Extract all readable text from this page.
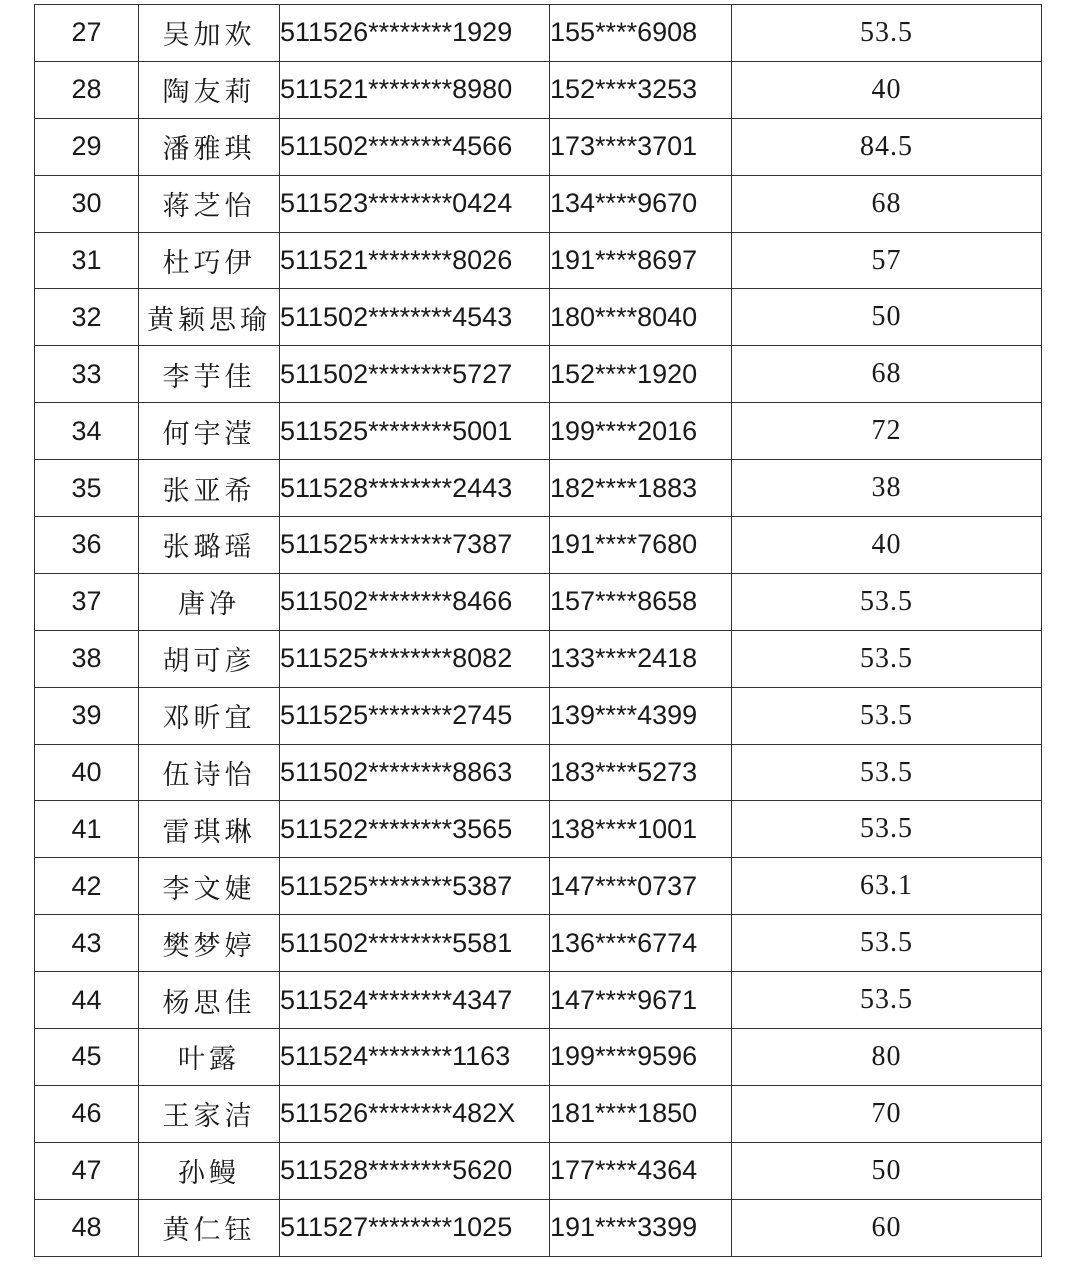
27	吴加欢	511526********1929	155****6908	53.5
28	陶友莉	511521********8980	152****3253	40
29	潘雅琪	511502********4566	173****3701	84.5
30	蒋芝怡	511523********0424	134****9670	68
31	杜巧伊	511521********8026	191****8697	57
32	黄颖思瑜	511502********4543	180****8040	50
33	李芋佳	511502********5727	152****1920	68
34	何宇滢	511525********5001	199****2016	72
35	张亚希	511528********2443	182****1883	38
36	张璐瑶	511525********7387	191****7680	40
37	唐净	511502********8466	157****8658	53.5
38	胡可彦	511525********8082	133****2418	53.5
39	邓昕宜	511525********2745	139****4399	53.5
40	伍诗怡	511502********8863	183****5273	53.5
41	雷琪琳	511522********3565	138****1001	53.5
42	李文婕	511525********5387	147****0737	63.1
43	樊梦婷	511502********5581	136****6774	53.5
44	杨思佳	511524********4347	147****9671	53.5
45	叶露	511524********1163	199****9596	80
46	王家洁	511526********482X	181****1850	70
47	孙鳗	511528********5620	177****4364	50
48	黄仁钰	511527********1025	191****3399	60
